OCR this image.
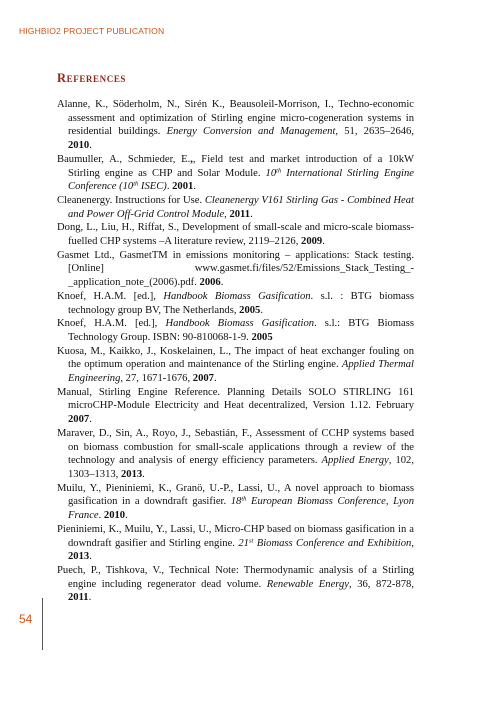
HIGHBIO2 PROJECT PUBLICATION
References

Alanne, K., Söderholm, N., Sirén K., Beausoleil-Morrison, I., Techno-economic assessment and optimization of Stirling engine micro-cogeneration systems in residential buildings. Energy Conversion and Management, 51, 2635–2646, 2010.

Baumuller, A., Schmieder, E.,, Field test and market introduction of a 10kW Stirling engine as CHP and Solar Module. 10th International Stirling Engine Conference (10th ISEC). 2001.

Cleanenergy. Instructions for Use. Cleanenergy V161 Stirling Gas - Combined Heat and Power Off-Grid Control Module, 2011.

Dong, L., Liu, H., Riffat, S., Development of small-scale and micro-scale biomass-fuelled CHP systems –A literature review, 2119–2126, 2009.

Gasmet Ltd., GasmetTM in emissions monitoring – applications: Stack testing. [Online] www.gasmet.fi/files/52/Emissions_Stack_Testing_-_application_note_(2006).pdf. 2006.

Knoef, H.A.M. [ed.], Handbook Biomass Gasification. s.l. : BTG biomass technology group BV, The Netherlands, 2005.

Knoef, H.A.M. [ed.], Handbook Biomass Gasification. s.l.: BTG Biomass Technology Group. ISBN: 90-810068-1-9. 2005

Kuosa, M., Kaikko, J., Koskelainen, L., The impact of heat exchanger fouling on the optimum operation and maintenance of the Stirling engine. Applied Thermal Engineering, 27, 1671-1676, 2007.

Manual, Stirling Engine Reference. Planning Details SOLO STIRLING 161 microCHP-Module Electricity and Heat decentralized, Version 1.12. February 2007.

Maraver, D., Sin, A., Royo, J., Sebastián, F., Assessment of CCHP systems based on biomass combustion for small-scale applications through a review of the technology and analysis of energy efficiency parameters. Applied Energy, 102, 1303–1313, 2013.

Muilu, Y., Pieniniemi, K., Granö, U.-P., Lassi, U., A novel approach to biomass gasification in a downdraft gasifier. 18th European Biomass Conference, Lyon France. 2010.

Pieniniemi, K., Muilu, Y., Lassi, U., Micro-CHP based on biomass gasification in a downdraft gasifier and Stirling engine. 21st Biomass Conference and Exhibition, 2013.

Puech, P., Tishkova, V., Technical Note: Thermodynamic analysis of a Stirling engine including regenerator dead volume. Renewable Energy, 36, 872-878, 2011.

54
